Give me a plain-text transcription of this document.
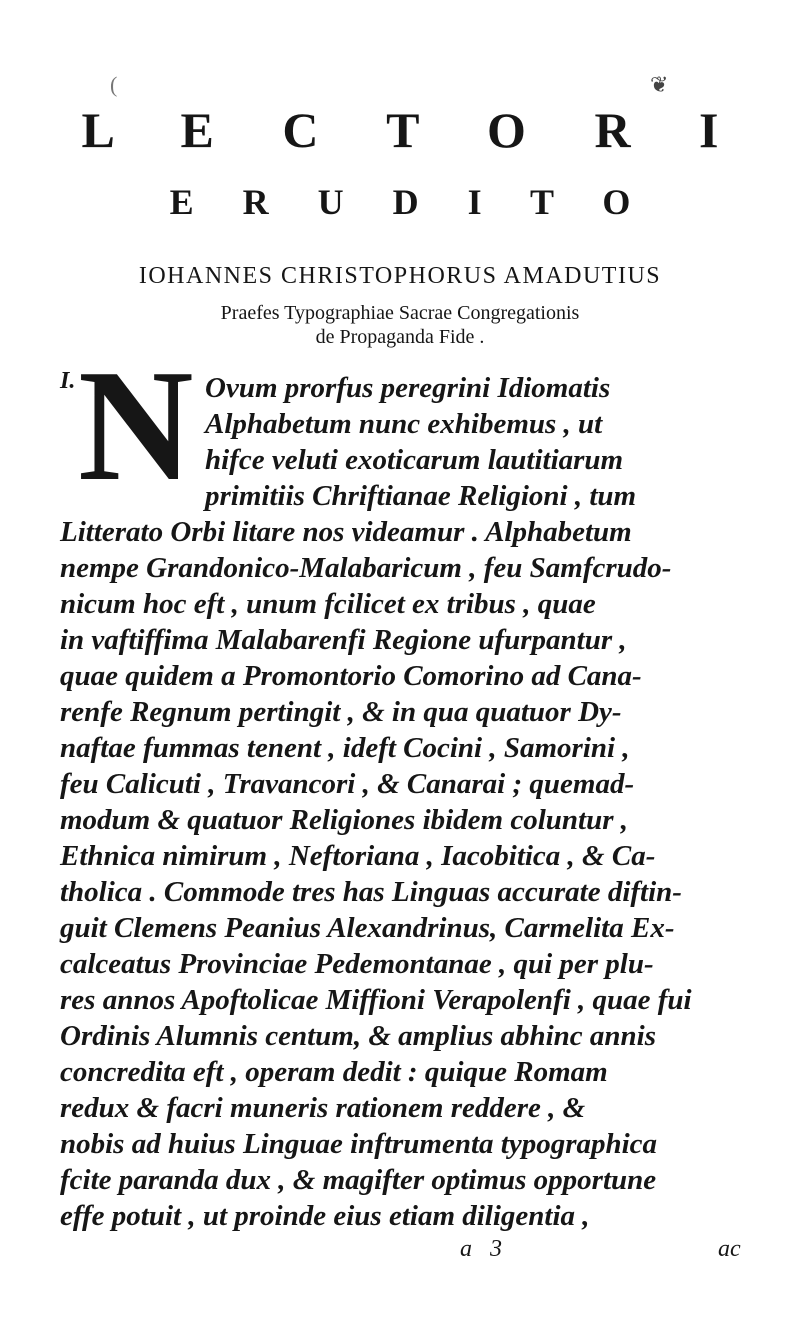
(	❦
L E C T O R I
E R U D I T O
IOHANNES CHRISTOPHORUS AMADUTIUS
Praefes Typographiae Sacrae Congregationis
de Propaganda Fide .
I. N Ovum prorfus peregrini Idiomatis
Alphabetum nunc exhibemus , ut
hifce veluti exoticarum lautitiarum
primitiis Chriftianae Religioni , tum
Litterato Orbi litare nos videamur . Alphabetum
nempe Grandonico-Malabaricum , feu Samfcrudo-
nicum hoc eft , unum fcilicet ex tribus , quae
in vaftiffima Malabarenfi Regione ufurpantur ,
quae quidem a Promontorio Comorino ad Cana-
renfe Regnum pertingit , & in qua quatuor Dy-
naftae fummas tenent , ideft Cocini , Samorini ,
feu Calicuti , Travancori , & Canarai ; quemad-
modum & quatuor Religiones ibidem coluntur ,
Ethnica nimirum , Neftoriana , Iacobitica , & Ca-
tholica . Commode tres has Linguas accurate diftin-
guit Clemens Peanius Alexandrinus, Carmelita Ex-
calceatus Provinciae Pedemontanae , qui per plu-
res annos Apoftolicae Miffioni Verapolenfi , quae fui
Ordinis Alumnis centum, & amplius abhinc annis
concredita eft , operam dedit : quique Romam
redux & facri muneris rationem reddere , &
nobis ad huius Linguae inftrumenta typographica
fcite paranda dux , & magifter optimus opportune
effe potuit , ut proinde eius etiam diligentia ,
a 3	ac
